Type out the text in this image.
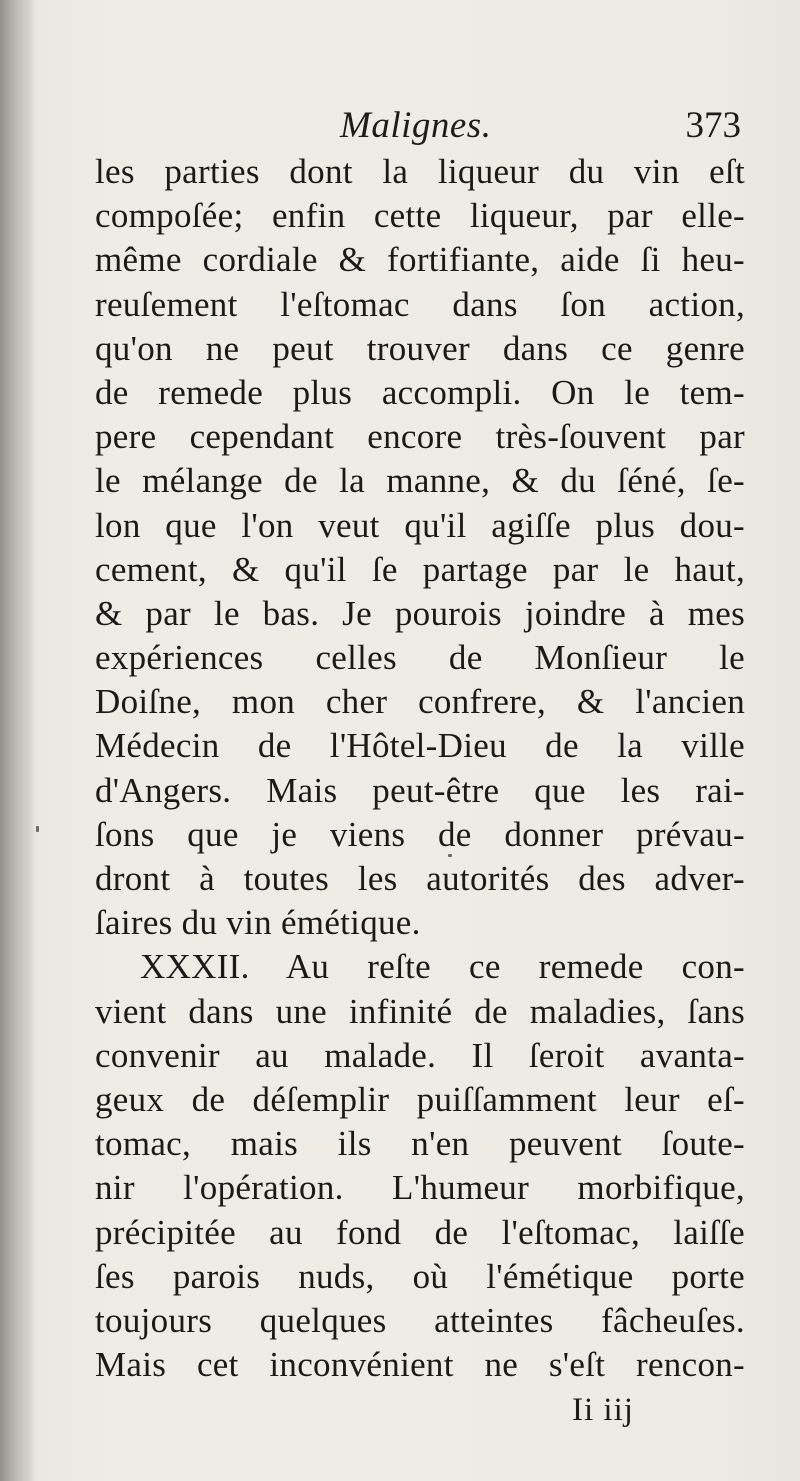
Malignes.	373
les parties dont la liqueur du vin eſt
compoſée; enfin cette liqueur, par elle-
même cordiale & fortifiante, aide ſi heu-
reuſement l'eſtomac dans ſon action,
qu'on ne peut trouver dans ce genre
de remede plus accompli. On le tem-
pere cependant encore très-ſouvent par
le mélange de la manne, & du ſéné, ſe-
lon que l'on veut qu'il agiſſe plus dou-
cement, & qu'il ſe partage par le haut,
& par le bas. Je pourois joindre à mes
expériences celles de Monſieur le
Doiſne, mon cher confrere, & l'ancien
Médecin de l'Hôtel-Dieu de la ville
d'Angers. Mais peut-être que les rai-
ſons que je viens de donner prévau-
dront à toutes les autorités des adver-
ſaires du vin émétique.
XXXII. Au reſte ce remede con-
vient dans une infinité de maladies, ſans
convenir au malade. Il ſeroit avanta-
geux de déſemplir puiſſamment leur eſ-
tomac, mais ils n'en peuvent ſoute-
nir l'opération. L'humeur morbifique,
précipitée au fond de l'eſtomac, laiſſe
ſes parois nuds, où l'émétique porte
toujours quelques atteintes fâcheuſes.
Mais cet inconvénient ne s'eſt rencon-
Ii iij
